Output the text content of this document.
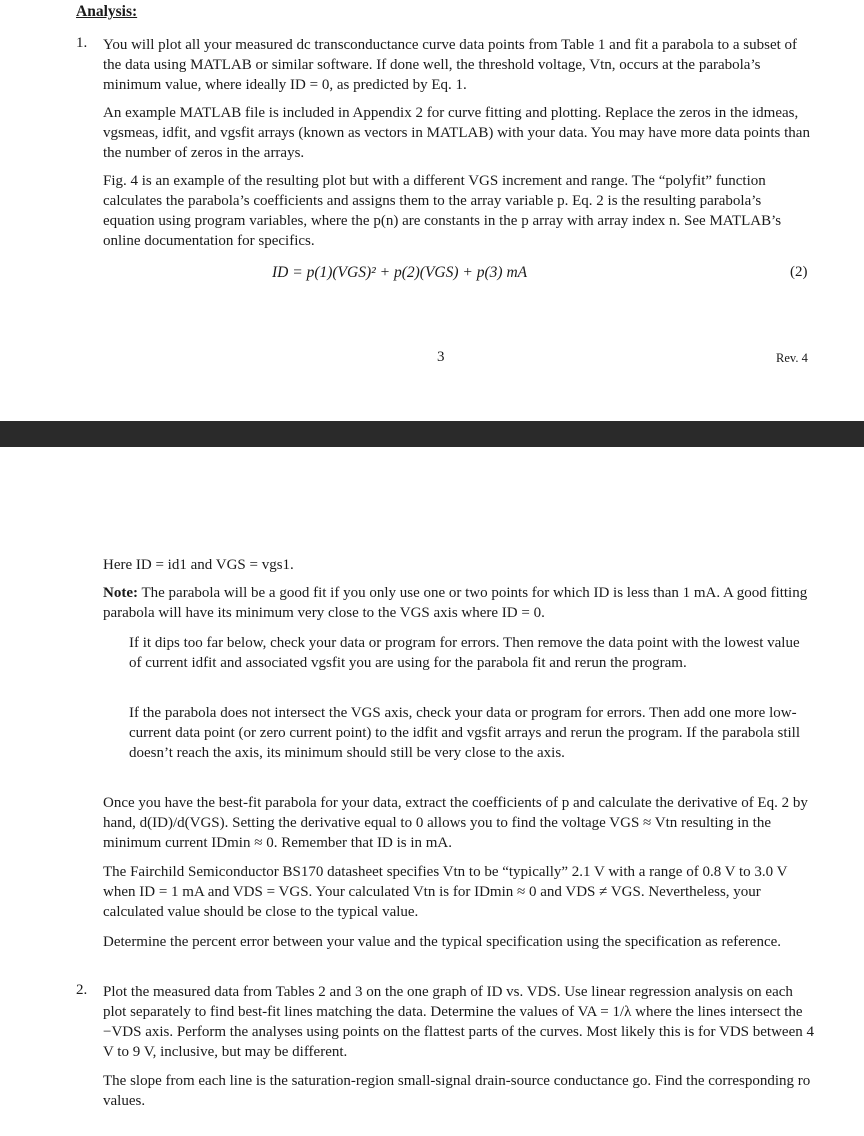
Analysis:
1. You will plot all your measured dc transconductance curve data points from Table 1 and fit a parabola to a subset of the data using MATLAB or similar software. If done well, the threshold voltage, Vtn, occurs at the parabola’s minimum value, where ideally ID = 0, as predicted by Eq. 1.
An example MATLAB file is included in Appendix 2 for curve fitting and plotting. Replace the zeros in the idmeas, vgsmeas, idfit, and vgsfit arrays (known as vectors in MATLAB) with your data. You may have more data points than the number of zeros in the arrays.
Fig. 4 is an example of the resulting plot but with a different VGS increment and range. The “polyfit” function calculates the parabola’s coefficients and assigns them to the array variable p. Eq. 2 is the resulting parabola’s equation using program variables, where the p(n) are constants in the p array with array index n. See MATLAB’s online documentation for specifics.
ID = p(1)(VGS)² + p(2)(VGS) + p(3) mA	(2)
3	Rev. 4
Here ID = id1 and VGS = vgs1.
Note: The parabola will be a good fit if you only use one or two points for which ID is less than 1 mA. A good fitting parabola will have its minimum very close to the VGS axis where ID = 0.
If it dips too far below, check your data or program for errors. Then remove the data point with the lowest value of current idfit and associated vgsfit you are using for the parabola fit and rerun the program.
If the parabola does not intersect the VGS axis, check your data or program for errors. Then add one more low-current data point (or zero current point) to the idfit and vgsfit arrays and rerun the program. If the parabola still doesn’t reach the axis, its minimum should still be very close to the axis.
Once you have the best-fit parabola for your data, extract the coefficients of p and calculate the derivative of Eq. 2 by hand, d(ID)/d(VGS). Setting the derivative equal to 0 allows you to find the voltage VGS ≈ Vtn resulting in the minimum current IDmin ≈ 0. Remember that ID is in mA.
The Fairchild Semiconductor BS170 datasheet specifies Vtn to be “typically” 2.1 V with a range of 0.8 V to 3.0 V when ID = 1 mA and VDS = VGS. Your calculated Vtn is for IDmin ≈ 0 and VDS ≠ VGS. Nevertheless, your calculated value should be close to the typical value.
Determine the percent error between your value and the typical specification using the specification as reference.
2. Plot the measured data from Tables 2 and 3 on the one graph of ID vs. VDS. Use linear regression analysis on each plot separately to find best-fit lines matching the data. Determine the values of VA = 1/λ where the lines intersect the −VDS axis. Perform the analyses using points on the flattest parts of the curves. Most likely this is for VDS between 4 V to 9 V, inclusive, but may be different.
The slope from each line is the saturation-region small-signal drain-source conductance go. Find the corresponding ro values.
